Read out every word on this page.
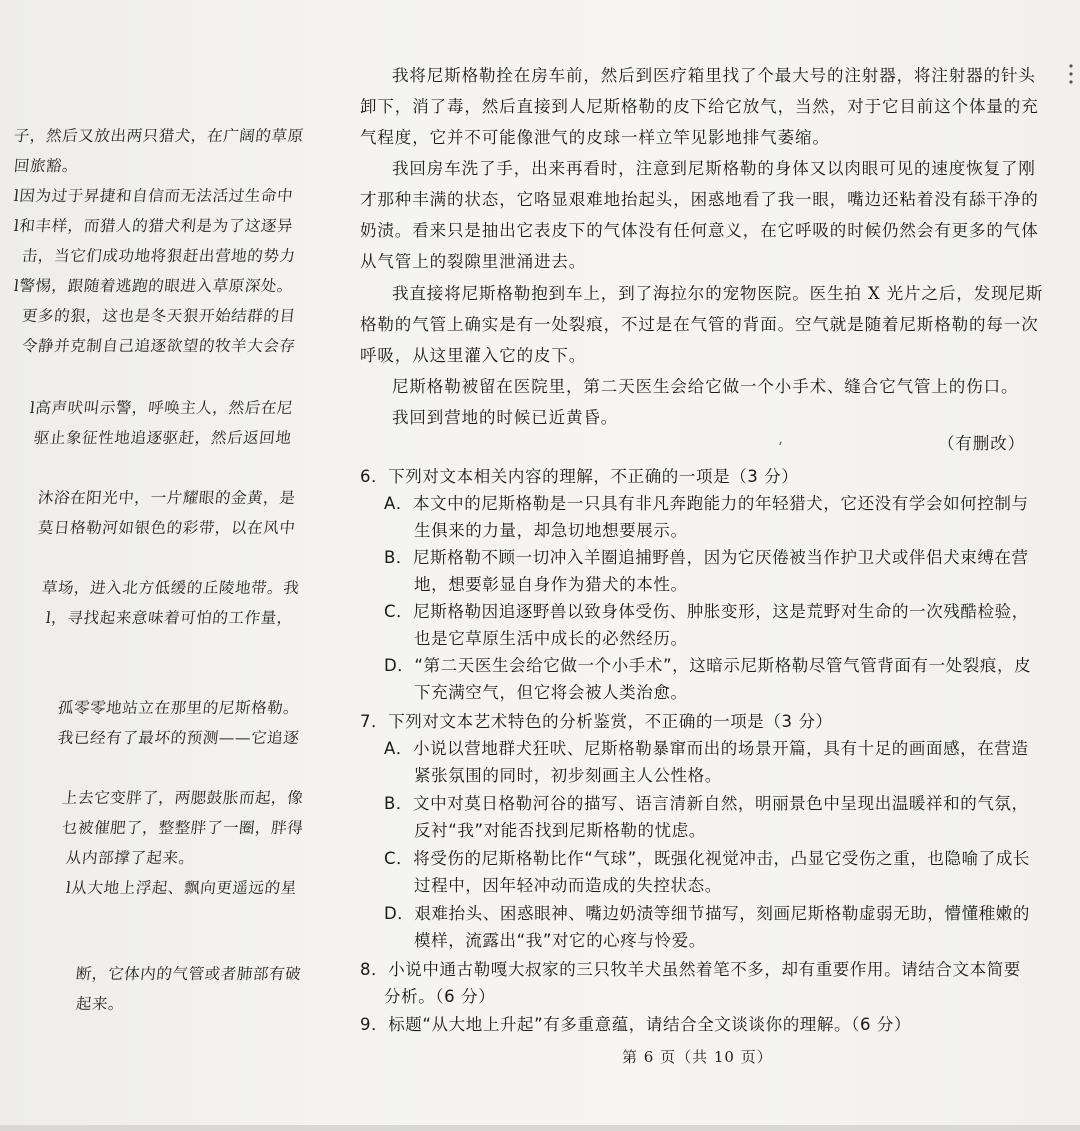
子，然后又放出两只猎犬，在广阔的草原
回旅豁。
l因为过于昇捷和自信而无法活过生命中
l和丰样，而猎人的猎犬利是为了这逐异
击，当它们成功地将狠赶出营地的势力
l警惕，跟随着逃跑的眼进入草原深处。
更多的狠，这也是冬天狠开始结群的目
令静并克制自己追逐欲望的牧羊大会存
l高声吠叫示警，呼唤主人，然后在尼
驱止象征性地追逐驱赶，然后返回地
沐浴在阳光中，一片耀眼的金黄，是
莫日格勒河如银色的彩带，以在风中
草场，进入北方低缓的丘陵地带。我
l，寻找起来意味着可怕的工作量，
孤零零地站立在那里的尼斯格勒。
我已经有了最坏的预测——它追逐
上去它变胖了，两腮鼓胀而起，像
乜被催肥了，整整胖了一圈，胖得
从内部撑了起来。
l从大地上浮起、飘向更遥远的星
断，它体内的气管或者肺部有破
起来。
我将尼斯格勒拴在房车前，然后到医疗箱里找了个最大号的注射器，将注射器的针头
卸下，消了毒，然后直接到人尼斯格勒的皮下给它放气，当然，对于它目前这个体量的充
气程度，它并不可能像泄气的皮球一样立竿见影地排气萎缩。
我回房车洗了手，出来再看时，注意到尼斯格勒的身体又以肉眼可见的速度恢复了刚
才那种丰满的状态，它咯显艰难地抬起头，困惑地看了我一眼，嘴边还粘着没有舔干净的
奶渍。看来只是抽出它表皮下的气体没有任何意义，在它呼吸的时候仍然会有更多的气体
从气管上的裂隙里泄涌进去。
我直接将尼斯格勒抱到车上，到了海拉尔的宠物医院。医生拍 X 光片之后，发现尼斯
格勒的气管上确实是有一处裂痕，不过是在气管的背面。空气就是随着尼斯格勒的每一次
呼吸，从这里灌入它的皮下。
尼斯格勒被留在医院里，第二天医生会给它做一个小手术、缝合它气管上的伤口。
我回到营地的时候已近黄昏。
（有删改）
ʻ
6．下列对文本相关内容的理解，不正确的一项是（3 分）
A．本文中的尼斯格勒是一只具有非凡奔跑能力的年轻猎犬，它还没有学会如何控制与
生俱来的力量，却急切地想要展示。
B．尼斯格勒不顾一切冲入羊圈追捕野兽，因为它厌倦被当作护卫犬或伴侣犬束缚在营
地，想要彰显自身作为猎犬的本性。
C．尼斯格勒因追逐野兽以致身体受伤、肿胀变形，这是荒野对生命的一次残酷检验，
也是它草原生活中成长的必然经历。
D．“第二天医生会给它做一个小手术”，这暗示尼斯格勒尽管气管背面有一处裂痕，皮
下充满空气，但它将会被人类治愈。
7．下列对文本艺术特色的分析鉴赏，不正确的一项是（3 分）
A．小说以营地群犬狂吠、尼斯格勒暴窜而出的场景开篇，具有十足的画面感，在营造
紧张氛围的同时，初步刻画主人公性格。
B．文中对莫日格勒河谷的描写、语言清新自然，明丽景色中呈现出温暖祥和的气氛，
反衬“我”对能否找到尼斯格勒的忧虑。
C．将受伤的尼斯格勒比作“气球”，既强化视觉冲击，凸显它受伤之重，也隐喻了成长
过程中，因年轻冲动而造成的失控状态。
D．艰难抬头、困惑眼神、嘴边奶渍等细节描写，刻画尼斯格勒虚弱无助，懵懂稚嫩的
模样，流露出“我”对它的心疼与怜爱。
8．小说中通古勒嘎大叔家的三只牧羊犬虽然着笔不多，却有重要作用。请结合文本简要
分析。（6 分）
9．标题“从大地上升起”有多重意蕴，请结合全文谈谈你的理解。（6 分）
第 6 页（共 10 页）
